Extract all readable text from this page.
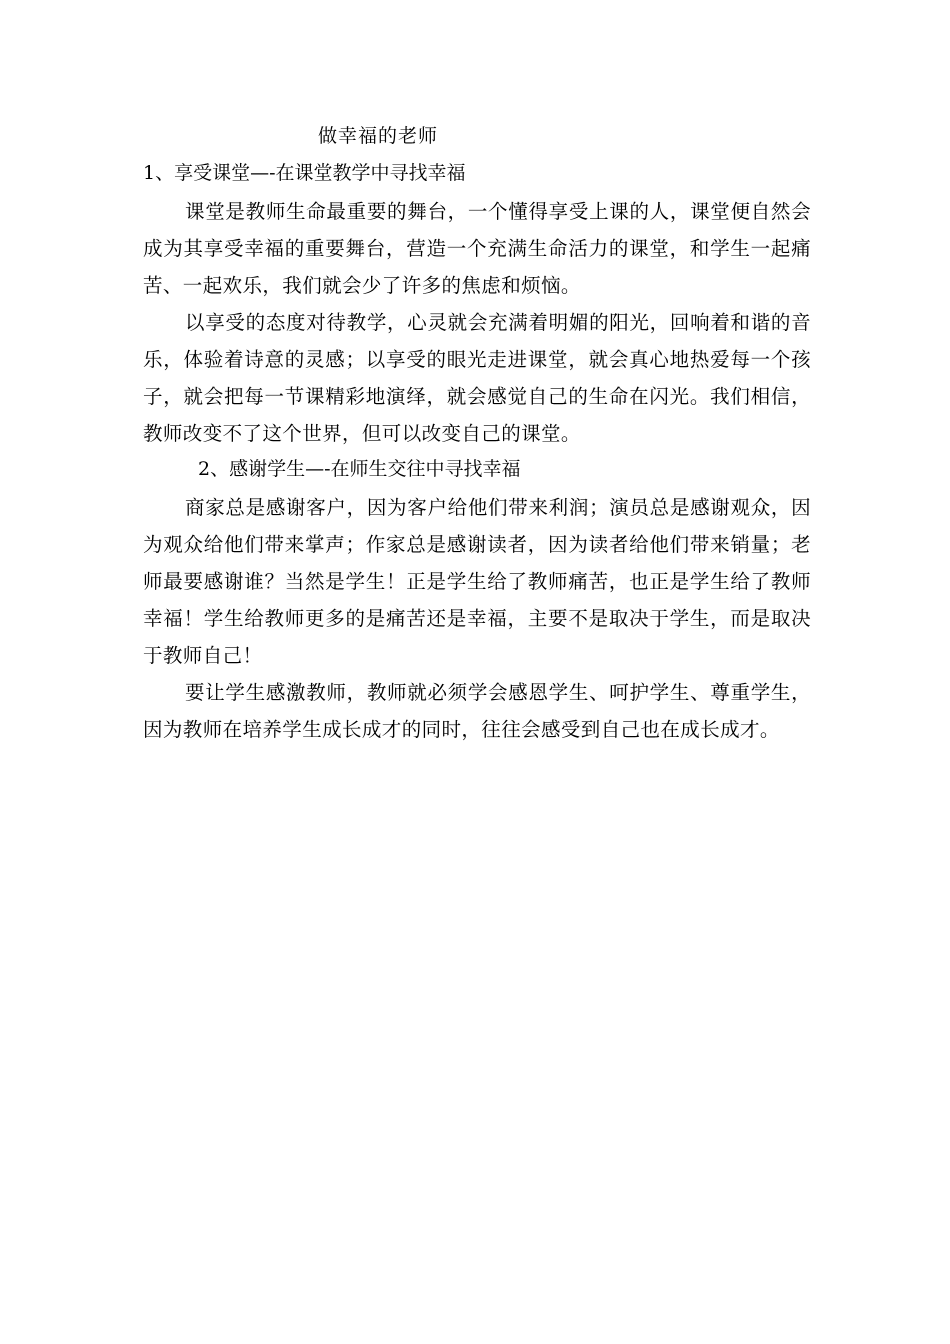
做幸福的老师
1、享受课堂—-在课堂教学中寻找幸福
课堂是教师生命最重要的舞台，一个懂得享受上课的人，课堂便自然会成为其享受幸福的重要舞台，营造一个充满生命活力的课堂，和学生一起痛苦、一起欢乐，我们就会少了许多的焦虑和烦恼。
以享受的态度对待教学，心灵就会充满着明媚的阳光，回响着和谐的音乐，体验着诗意的灵感；以享受的眼光走进课堂，就会真心地热爱每一个孩子，就会把每一节课精彩地演绎，就会感觉自己的生命在闪光。我们相信，教师改变不了这个世界，但可以改变自己的课堂。
2、感谢学生—-在师生交往中寻找幸福
商家总是感谢客户，因为客户给他们带来利润；演员总是感谢观众，因为观众给他们带来掌声；作家总是感谢读者，因为读者给他们带来销量；老师最要感谢谁？当然是学生！正是学生给了教师痛苦，也正是学生给了教师幸福！学生给教师更多的是痛苦还是幸福，主要不是取决于学生，而是取决于教师自己！
要让学生感激教师，教师就必须学会感恩学生、呵护学生、尊重学生，因为教师在培养学生成长成才的同时，往往会感受到自己也在成长成才。
